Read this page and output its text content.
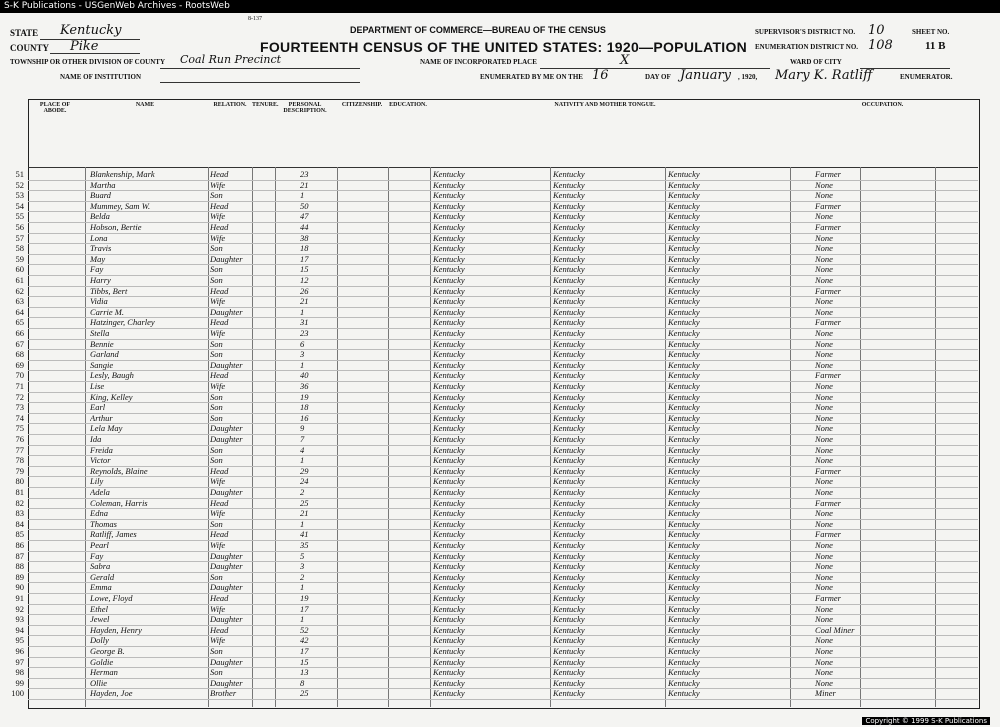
S-K Publications - USGenWeb Archives - RootsWeb
8-137
DEPARTMENT OF COMMERCE—BUREAU OF THE CENSUS
FOURTEENTH CENSUS OF THE UNITED STATES: 1920—POPULATION
STATE Kentucky
COUNTY Pike
TOWNSHIP OR OTHER DIVISION OF COUNTY Coal Run Precinct
NAME OF INSTITUTION
NAME OF INCORPORATED PLACE	X
ENUMERATED BY ME ON THE 16	DAY OF January , 1920, Mary K. Ratliff	ENUMERATOR.
WARD OF CITY
SUPERVISOR'S DISTRICT NO. 10
ENUMERATION DISTRICT NO. 108
SHEET NO.
11 B
PLACE OF ABODE.
NAME	RELATION. TENURE.	PERSONAL DESCRIPTION.
CITIZENSHIP.	EDUCATION.	NATIVITY AND MOTHER TONGUE.	OCCUPATION.
51	Blankenship, Mark	Head	23	Kentucky	Kentucky	Kentucky	Farmer
52	Martha	Wife	21	Kentucky	Kentucky	Kentucky	None
53	Buard	Son	1	Kentucky	Kentucky	Kentucky	None
54	Mummey, Sam W.	Head	50	Kentucky	Kentucky	Kentucky	Farmer
55	Belda	Wife	47	Kentucky	Kentucky	Kentucky	None
56	Hobson, Bertie	Head	44	Kentucky	Kentucky	Kentucky	Farmer
57	Lona	Wife	38	Kentucky	Kentucky	Kentucky	None
58	Travis	Son	18	Kentucky	Kentucky	Kentucky	None
59	May	Daughter	17	Kentucky	Kentucky	Kentucky	None
60	Fay	Son	15	Kentucky	Kentucky	Kentucky	None
61	Harry	Son	12	Kentucky	Kentucky	Kentucky	None
62	Tibbs, Bert	Head	26	Kentucky	Kentucky	Kentucky	Farmer
63	Vidia	Wife	21	Kentucky	Kentucky	Kentucky	None
64	Carrie M.	Daughter	1	Kentucky	Kentucky	Kentucky	None
65	Hatzinger, Charley	Head	31	Kentucky	Kentucky	Kentucky	Farmer
66	Stella	Wife	23	Kentucky	Kentucky	Kentucky	None
67	Bennie	Son	6	Kentucky	Kentucky	Kentucky	None
68	Garland	Son	3	Kentucky	Kentucky	Kentucky	None
69	Sangie	Daughter	1	Kentucky	Kentucky	Kentucky	None
70	Lesly, Baugh	Head	40	Kentucky	Kentucky	Kentucky	Farmer
71	Lise	Wife	36	Kentucky	Kentucky	Kentucky	None
72	King, Kelley	Son	19	Kentucky	Kentucky	Kentucky	None
73	Earl	Son	18	Kentucky	Kentucky	Kentucky	None
74	Arthur	Son	16	Kentucky	Kentucky	Kentucky	None
75	Lela May	Daughter	9	Kentucky	Kentucky	Kentucky	None
76	Ida	Daughter	7	Kentucky	Kentucky	Kentucky	None
77	Freida	Son	4	Kentucky	Kentucky	Kentucky	None
78	Victor	Son	1	Kentucky	Kentucky	Kentucky	None
79	Reynolds, Blaine	Head	29	Kentucky	Kentucky	Kentucky	Farmer
80	Lily	Wife	24	Kentucky	Kentucky	Kentucky	None
81	Adela	Daughter	2	Kentucky	Kentucky	Kentucky	None
82	Coleman, Harris	Head	25	Kentucky	Kentucky	Kentucky	Farmer
83	Edna	Wife	21	Kentucky	Kentucky	Kentucky	None
84	Thomas	Son	1	Kentucky	Kentucky	Kentucky	None
85	Ratliff, James	Head	41	Kentucky	Kentucky	Kentucky	Farmer
86	Pearl	Wife	35	Kentucky	Kentucky	Kentucky	None
87	Fay	Daughter	5	Kentucky	Kentucky	Kentucky	None
88	Sabra	Daughter	3	Kentucky	Kentucky	Kentucky	None
89	Gerald	Son	2	Kentucky	Kentucky	Kentucky	None
90	Emma	Daughter	1	Kentucky	Kentucky	Kentucky	None
91	Lowe, Floyd	Head	19	Kentucky	Kentucky	Kentucky	Farmer
92	Ethel	Wife	17	Kentucky	Kentucky	Kentucky	None
93	Jewel	Daughter	1	Kentucky	Kentucky	Kentucky	None
94	Hayden, Henry	Head	52	Kentucky	Kentucky	Kentucky	Coal Miner
95	Dolly	Wife	42	Kentucky	Kentucky	Kentucky	None
96	George B.	Son	17	Kentucky	Kentucky	Kentucky	None
97	Goldie	Daughter	15	Kentucky	Kentucky	Kentucky	None
98	Herman	Son	13	Kentucky	Kentucky	Kentucky	None
99	Ollie	Daughter	8	Kentucky	Kentucky	Kentucky	None
100	Hayden, Joe	Brother	25	Kentucky	Kentucky	Kentucky	Miner
Copyright © 1999 S-K Publications
